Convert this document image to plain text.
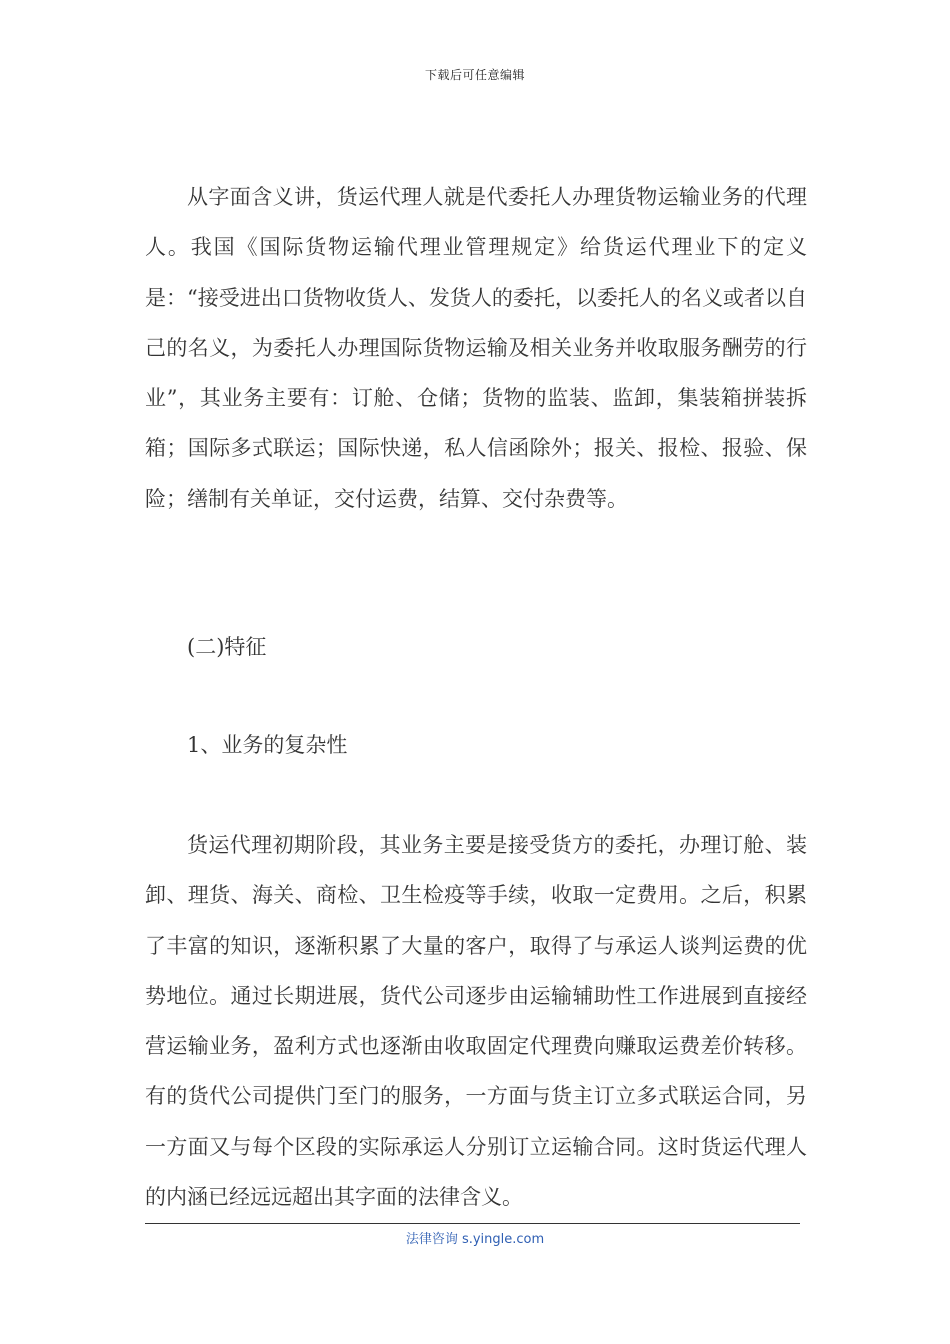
下载后可任意编辑

从字面含义讲，货运代理人就是代委托人办理货物运输业务的代理人。我国《国际货物运输代理业管理规定》给货运代理业下的定义是：“接受进出口货物收货人、发货人的委托，以委托人的名义或者以自己的名义，为委托人办理国际货物运输及相关业务并收取服务酬劳的行业”，其业务主要有：订舱、仓储；货物的监装、监卸，集装箱拼装拆箱；国际多式联运；国际快递，私人信函除外；报关、报检、报验、保险；缮制有关单证，交付运费，结算、交付杂费等。

(二)特征

1、业务的复杂性

货运代理初期阶段，其业务主要是接受货方的委托，办理订舱、装卸、理货、海关、商检、卫生检疫等手续，收取一定费用。之后，积累了丰富的知识，逐渐积累了大量的客户，取得了与承运人谈判运费的优势地位。通过长期进展，货代公司逐步由运输辅助性工作进展到直接经营运输业务，盈利方式也逐渐由收取固定代理费向赚取运费差价转移。有的货代公司提供门至门的服务，一方面与货主订立多式联运合同，另一方面又与每个区段的实际承运人分别订立运输合同。这时货运代理人的内涵已经远远超出其字面的法律含义。

法律咨询 s.yingle.com
